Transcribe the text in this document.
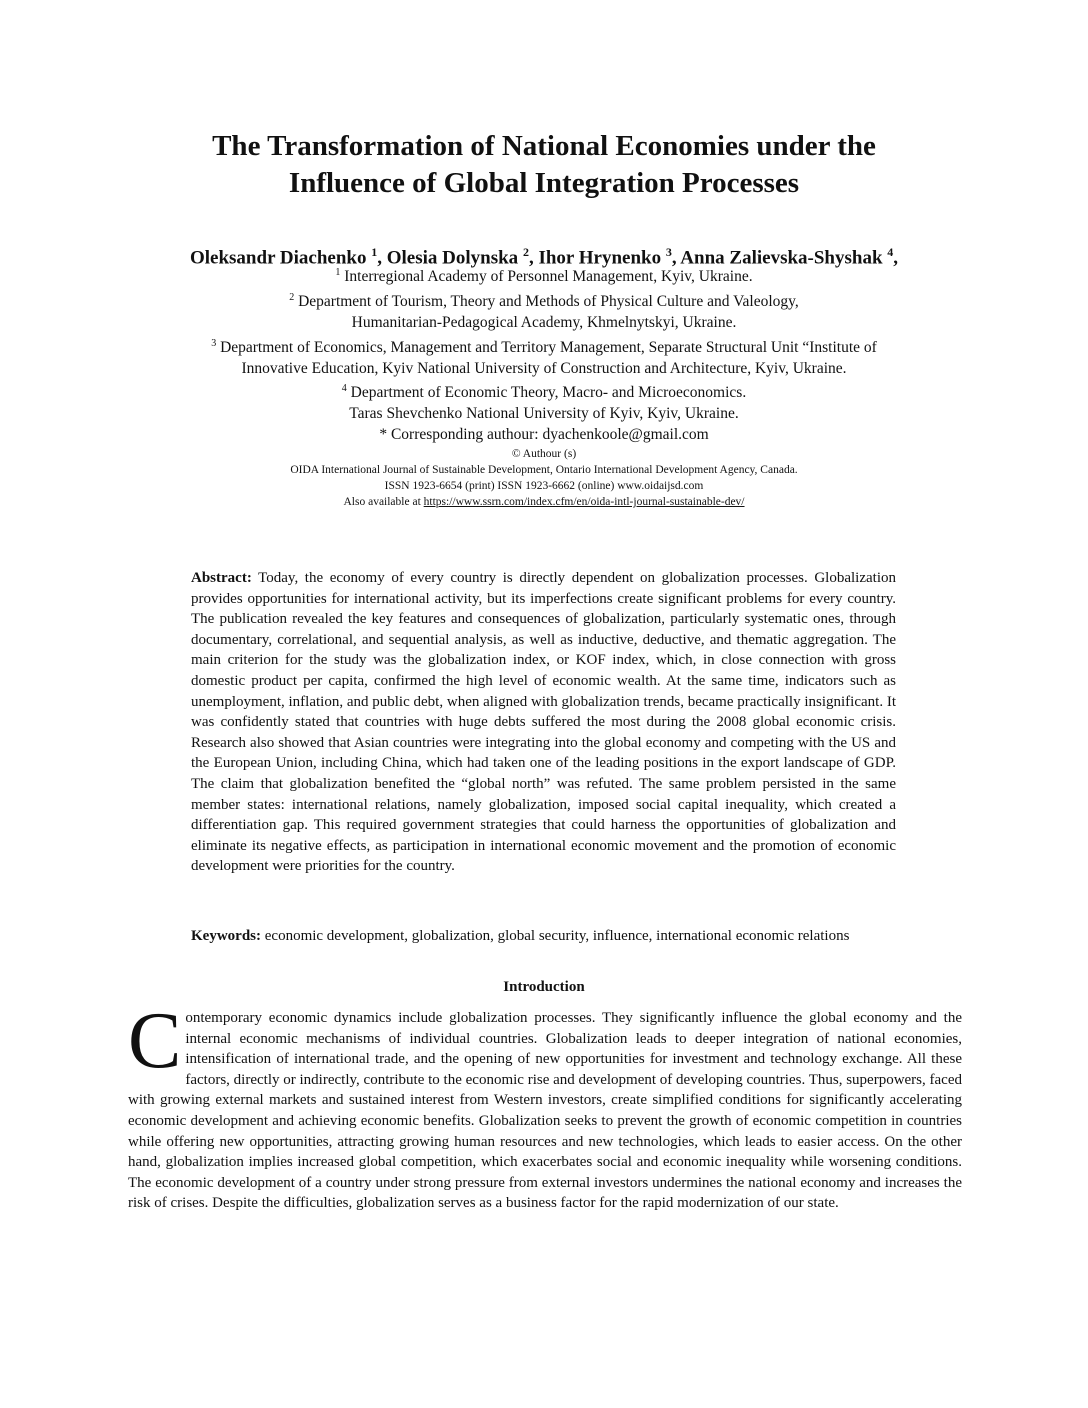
The Transformation of National Economies under the
Influence of Global Integration Processes
Oleksandr Diachenko $^1$, Olesia Dolynska $^2$, Ihor Hrynenko $^3$, Anna Zalievska-Shyshak $^4$,
$^1$ Interregional Academy of Personnel Management, Kyiv, Ukraine.
$^2$ Department of Tourism, Theory and Methods of Physical Culture and Valeology,
Humanitarian-Pedagogical Academy, Khmelnytskyi, Ukraine.
$^3$ Department of Economics, Management and Territory Management, Separate Structural Unit “Institute of
Innovative Education, Kyiv National University of Construction and Architecture, Kyiv, Ukraine.
$^4$ Department of Economic Theory, Macro- and Microeconomics.
Taras Shevchenko National University of Kyiv, Kyiv, Ukraine.
* Corresponding authour: dyachenkoole@gmail.com
© Authour (s)
OIDA International Journal of Sustainable Development, Ontario International Development Agency, Canada.
ISSN 1923-6654 (print) ISSN 1923-6662 (online) www.oidaijsd.com
Also available at https://www.ssrn.com/index.cfm/en/oida-intl-journal-sustainable-dev/

Abstract: Today, the economy of every country is directly dependent on globalization processes. Globalization provides opportunities for international activity, but its imperfections create significant problems for every country. The publication revealed the key features and consequences of globalization, particularly systematic ones, through documentary, correlational, and sequential analysis, as well as inductive, deductive, and thematic aggregation. The main criterion for the study was the globalization index, or KOF index, which, in close connection with gross domestic product per capita, confirmed the high level of economic wealth. At the same time, indicators such as unemployment, inflation, and public debt, when aligned with globalization trends, became practically insignificant. It was confidently stated that countries with huge debts suffered the most during the 2008 global economic crisis. Research also showed that Asian countries were integrating into the global economy and competing with the US and the European Union, including China, which had taken one of the leading positions in the export landscape of GDP. The claim that globalization benefited the “global north” was refuted. The same problem persisted in the same member states: international relations, namely globalization, imposed social capital inequality, which created a differentiation gap. This required government strategies that could harness the opportunities of globalization and eliminate its negative effects, as participation in international economic movement and the promotion of economic development were priorities for the country.

Keywords: economic development, globalization, global security, influence, international economic relations

Introduction

Contemporary economic dynamics include globalization processes. They significantly influence the global economy and the internal economic mechanisms of individual countries. Globalization leads to deeper integration of national economies, intensification of international trade, and the opening of new opportunities for investment and technology exchange. All these factors, directly or indirectly, contribute to the economic rise and development of developing countries. Thus, superpowers, faced with growing external markets and sustained interest from Western investors, create simplified conditions for significantly accelerating economic development and achieving economic benefits. Globalization seeks to prevent the growth of economic competition in countries while offering new opportunities, attracting growing human resources and new technologies, which leads to easier access. On the other hand, globalization implies increased global competition, which exacerbates social and economic inequality while worsening conditions. The economic development of a country under strong pressure from external investors undermines the national economy and increases the risk of crises. Despite the difficulties, globalization serves as a business factor for the rapid modernization of our state.
